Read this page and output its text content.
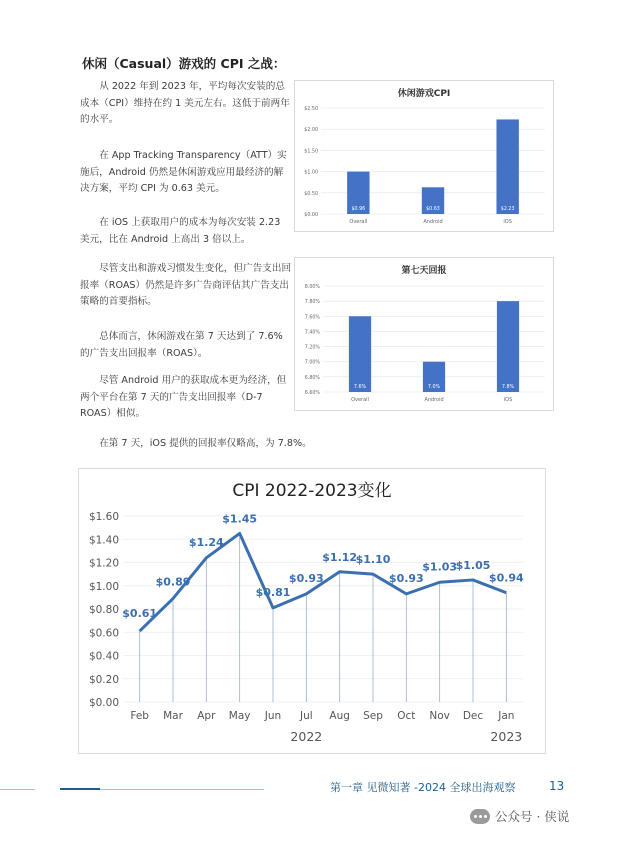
休闲（Casual）游戏的 CPI 之战：
从 2022 年到 2023 年，平均每次安装的总成本（CPI）维持在约 1 美元左右。这低于前两年的水平。
在 App Tracking Transparency（ATT）实施后，Android 仍然是休闲游戏应用最经济的解决方案，平均 CPI 为 0.63 美元。
在 iOS 上获取用户的成本为每次安装 2.23 美元，比在 Android 上高出 3 倍以上。
尽管支出和游戏习惯发生变化，但广告支出回报率（ROAS）仍然是许多广告商评估其广告支出策略的首要指标。
总体而言，休闲游戏在第 7 天达到了 7.6% 的广告支出回报率（ROAS）。
尽管 Android 用户的获取成本更为经济，但两个平台在第 7 天的广告支出回报率（D-7 ROAS）相似。
在第 7 天，iOS 提供的回报率仅略高，为 7.8%。
休闲游戏CPI
$0.00
$0.50
$1.00
$1.50
$2.00
$2.50
$0.96
Overall
$0.63
Android
$2.23
iOS
第七天回报
6.60%
6.80%
7.00%
7.20%
7.40%
7.60%
7.80%
8.00%
7.6%
Overall
7.0%
Android
7.8%
iOS
CPI 2022-2023变化
$0.00
$0.20
$0.40
$0.60
$0.80
$1.00
$1.20
$1.40
$1.60
Feb Mar Apr May Jun Jul Aug Sep Oct Nov Dec Jan
$0.61
$0.89
$1.24
$1.45
$0.81
$0.93
$1.12
$1.10
$0.93
$1.03
$1.05
$0.94
2022	2023
第一章 见微知著 -2024 全球出海观察	13
公众号 · 侠说
